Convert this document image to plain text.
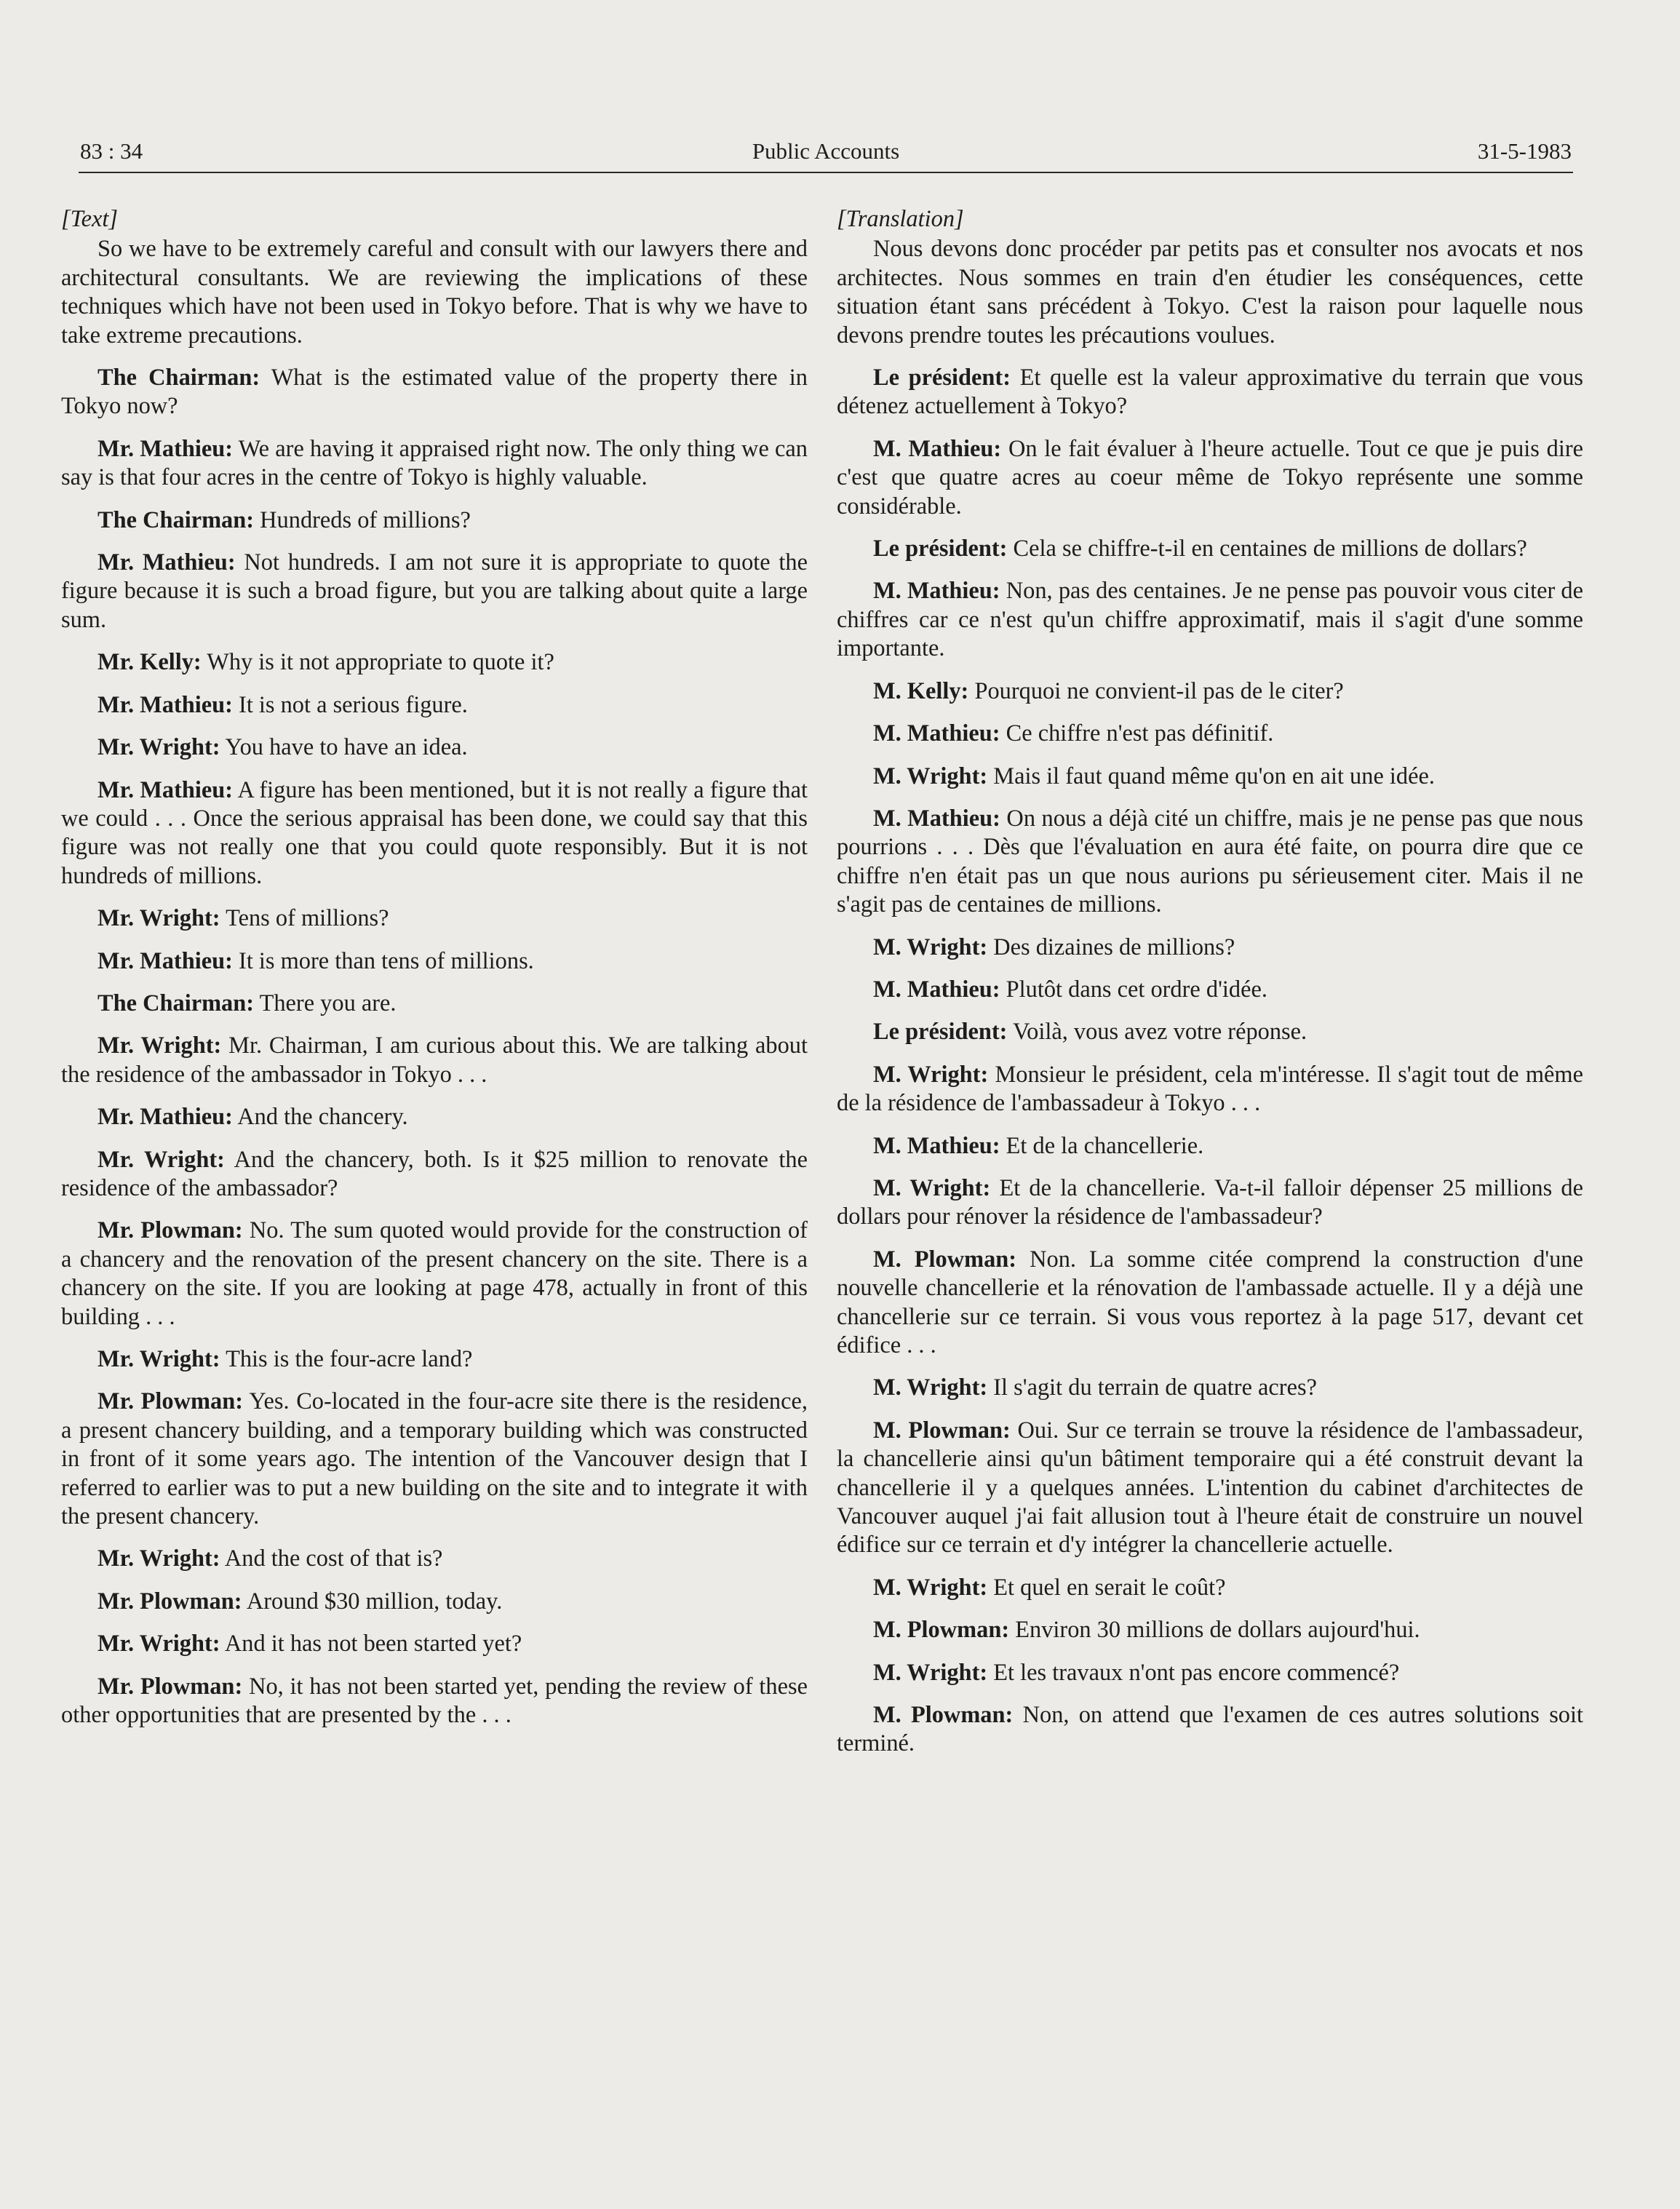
83 : 34	Public Accounts	31-5-1983
[Text]

So we have to be extremely careful and consult with our lawyers there and architectural consultants. We are reviewing the implications of these techniques which have not been used in Tokyo before. That is why we have to take extreme precautions.

The Chairman: What is the estimated value of the property there in Tokyo now?

Mr. Mathieu: We are having it appraised right now. The only thing we can say is that four acres in the centre of Tokyo is highly valuable.

The Chairman: Hundreds of millions?

Mr. Mathieu: Not hundreds. I am not sure it is appropriate to quote the figure because it is such a broad figure, but you are talking about quite a large sum.

Mr. Kelly: Why is it not appropriate to quote it?

Mr. Mathieu: It is not a serious figure.

Mr. Wright: You have to have an idea.

Mr. Mathieu: A figure has been mentioned, but it is not really a figure that we could . . . Once the serious appraisal has been done, we could say that this figure was not really one that you could quote responsibly. But it is not hundreds of millions.

Mr. Wright: Tens of millions?

Mr. Mathieu: It is more than tens of millions.

The Chairman: There you are.

Mr. Wright: Mr. Chairman, I am curious about this. We are talking about the residence of the ambassador in Tokyo . . .

Mr. Mathieu: And the chancery.

Mr. Wright: And the chancery, both. Is it $25 million to renovate the residence of the ambassador?

Mr. Plowman: No. The sum quoted would provide for the construction of a chancery and the renovation of the present chancery on the site. There is a chancery on the site. If you are looking at page 478, actually in front of this building . . .

Mr. Wright: This is the four-acre land?

Mr. Plowman: Yes. Co-located in the four-acre site there is the residence, a present chancery building, and a temporary building which was constructed in front of it some years ago. The intention of the Vancouver design that I referred to earlier was to put a new building on the site and to integrate it with the present chancery.

Mr. Wright: And the cost of that is?

Mr. Plowman: Around $30 million, today.

Mr. Wright: And it has not been started yet?

Mr. Plowman: No, it has not been started yet, pending the review of these other opportunities that are presented by the . . .

[Translation]

Nous devons donc procéder par petits pas et consulter nos avocats et nos architectes. Nous sommes en train d'en étudier les conséquences, cette situation étant sans précédent à Tokyo. C'est la raison pour laquelle nous devons prendre toutes les précautions voulues.

Le président: Et quelle est la valeur approximative du terrain que vous détenez actuellement à Tokyo?

M. Mathieu: On le fait évaluer à l'heure actuelle. Tout ce que je puis dire c'est que quatre acres au coeur même de Tokyo représente une somme considérable.

Le président: Cela se chiffre-t-il en centaines de millions de dollars?

M. Mathieu: Non, pas des centaines. Je ne pense pas pouvoir vous citer de chiffres car ce n'est qu'un chiffre approximatif, mais il s'agit d'une somme importante.

M. Kelly: Pourquoi ne convient-il pas de le citer?

M. Mathieu: Ce chiffre n'est pas définitif.

M. Wright: Mais il faut quand même qu'on en ait une idée.

M. Mathieu: On nous a déjà cité un chiffre, mais je ne pense pas que nous pourrions . . . Dès que l'évaluation en aura été faite, on pourra dire que ce chiffre n'en était pas un que nous aurions pu sérieusement citer. Mais il ne s'agit pas de centaines de millions.

M. Wright: Des dizaines de millions?

M. Mathieu: Plutôt dans cet ordre d'idée.

Le président: Voilà, vous avez votre réponse.

M. Wright: Monsieur le président, cela m'intéresse. Il s'agit tout de même de la résidence de l'ambassadeur à Tokyo . . .

M. Mathieu: Et de la chancellerie.

M. Wright: Et de la chancellerie. Va-t-il falloir dépenser 25 millions de dollars pour rénover la résidence de l'ambassadeur?

M. Plowman: Non. La somme citée comprend la construction d'une nouvelle chancellerie et la rénovation de l'ambassade actuelle. Il y a déjà une chancellerie sur ce terrain. Si vous vous reportez à la page 517, devant cet édifice . . .

M. Wright: Il s'agit du terrain de quatre acres?

M. Plowman: Oui. Sur ce terrain se trouve la résidence de l'ambassadeur, la chancellerie ainsi qu'un bâtiment temporaire qui a été construit devant la chancellerie il y a quelques années. L'intention du cabinet d'architectes de Vancouver auquel j'ai fait allusion tout à l'heure était de construire un nouvel édifice sur ce terrain et d'y intégrer la chancellerie actuelle.

M. Wright: Et quel en serait le coût?

M. Plowman: Environ 30 millions de dollars aujourd'hui.

M. Wright: Et les travaux n'ont pas encore commencé?

M. Plowman: Non, on attend que l'examen de ces autres solutions soit terminé.
